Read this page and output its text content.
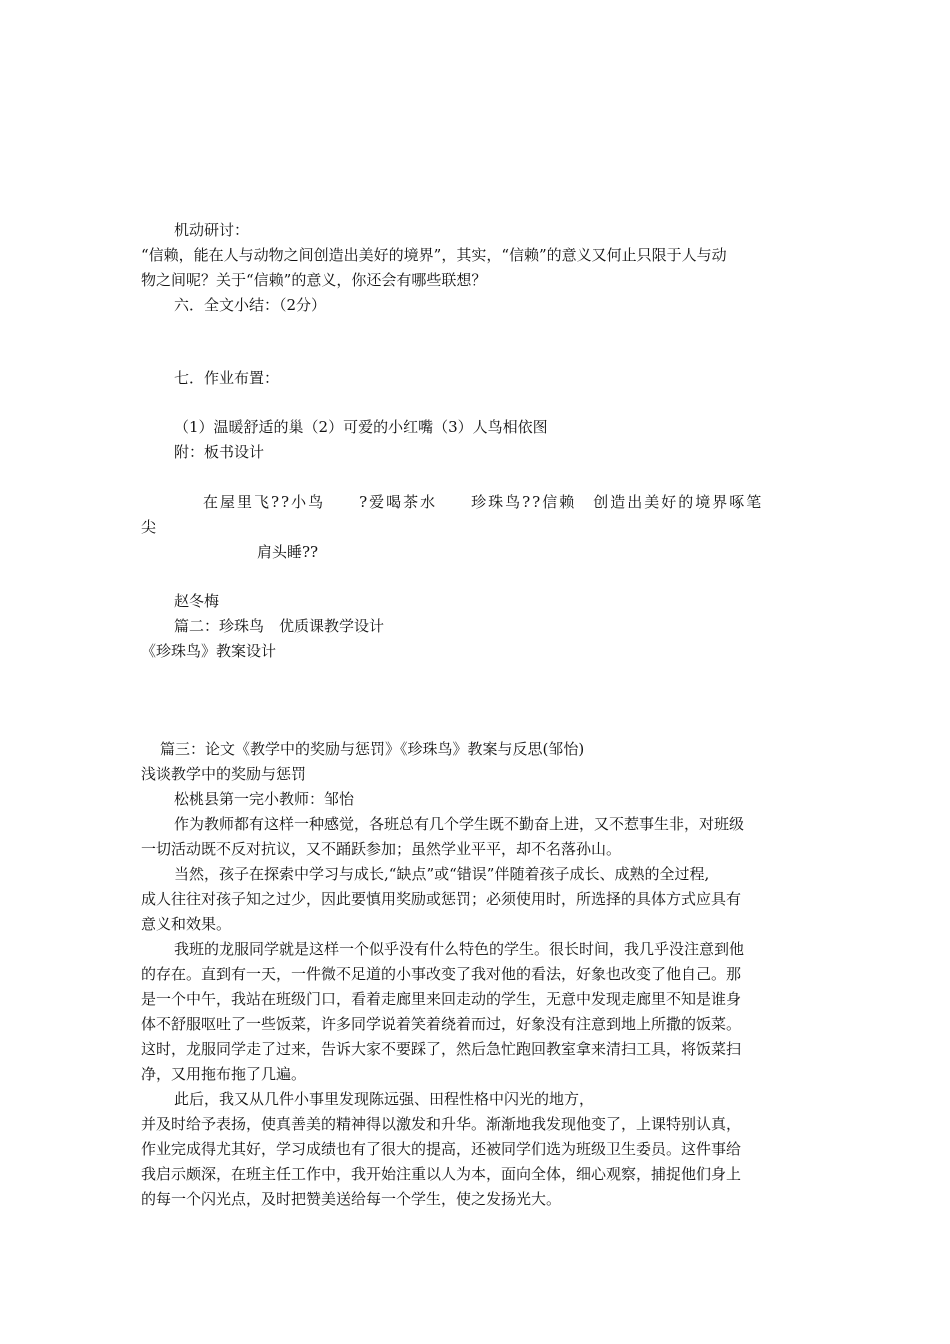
机动研讨：

“信赖，能在人与动物之间创造出美好的境界”，其实，“信赖”的意义又何止只限于人与动

物之间呢？关于“信赖”的意义，你还会有哪些联想？

六．全文小结：（2分）

七．作业布置：

（1）温暖舒适的巢（2）可爱的小红嘴（3）人鸟相依图

附：板书设计

在屋里飞??小鸟　　?爱喝茶水　　珍珠鸟??信赖　创造出美好的境界啄笔

尖

肩头睡??

赵冬梅

篇二：珍珠鸟　优质课教学设计

《珍珠鸟》教案设计

篇三：论文《教学中的奖励与惩罚》《珍珠鸟》教案与反思(邹怡)

浅谈教学中的奖励与惩罚

松桃县第一完小教师：邹怡

作为教师都有这样一种感觉，各班总有几个学生既不勤奋上进，又不惹事生非，对班级

一切活动既不反对抗议，又不踊跃参加；虽然学业平平，却不名落孙山。

当然，孩子在探索中学习与成长,“缺点”或“错误”伴随着孩子成长、成熟的全过程,

成人往往对孩子知之过少，因此要慎用奖励或惩罚；必须使用时，所选择的具体方式应具有

意义和效果。

我班的龙服同学就是这样一个似乎没有什么特色的学生。很长时间，我几乎没注意到他

的存在。直到有一天，一件微不足道的小事改变了我对他的看法，好象也改变了他自己。那

是一个中午，我站在班级门口，看着走廊里来回走动的学生，无意中发现走廊里不知是谁身

体不舒服呕吐了一些饭菜，许多同学说着笑着绕着而过，好象没有注意到地上所撒的饭菜。

这时，龙服同学走了过来，告诉大家不要踩了，然后急忙跑回教室拿来清扫工具，将饭菜扫

净，又用拖布拖了几遍。

此后，我又从几件小事里发现陈远强、田程性格中闪光的地方，

并及时给予表扬，使真善美的精神得以激发和升华。渐渐地我发现他变了，上课特别认真，

作业完成得尤其好，学习成绩也有了很大的提高，还被同学们选为班级卫生委员。这件事给

我启示颇深，在班主任工作中，我开始注重以人为本，面向全体，细心观察，捕捉他们身上

的每一个闪光点，及时把赞美送给每一个学生，使之发扬光大。
